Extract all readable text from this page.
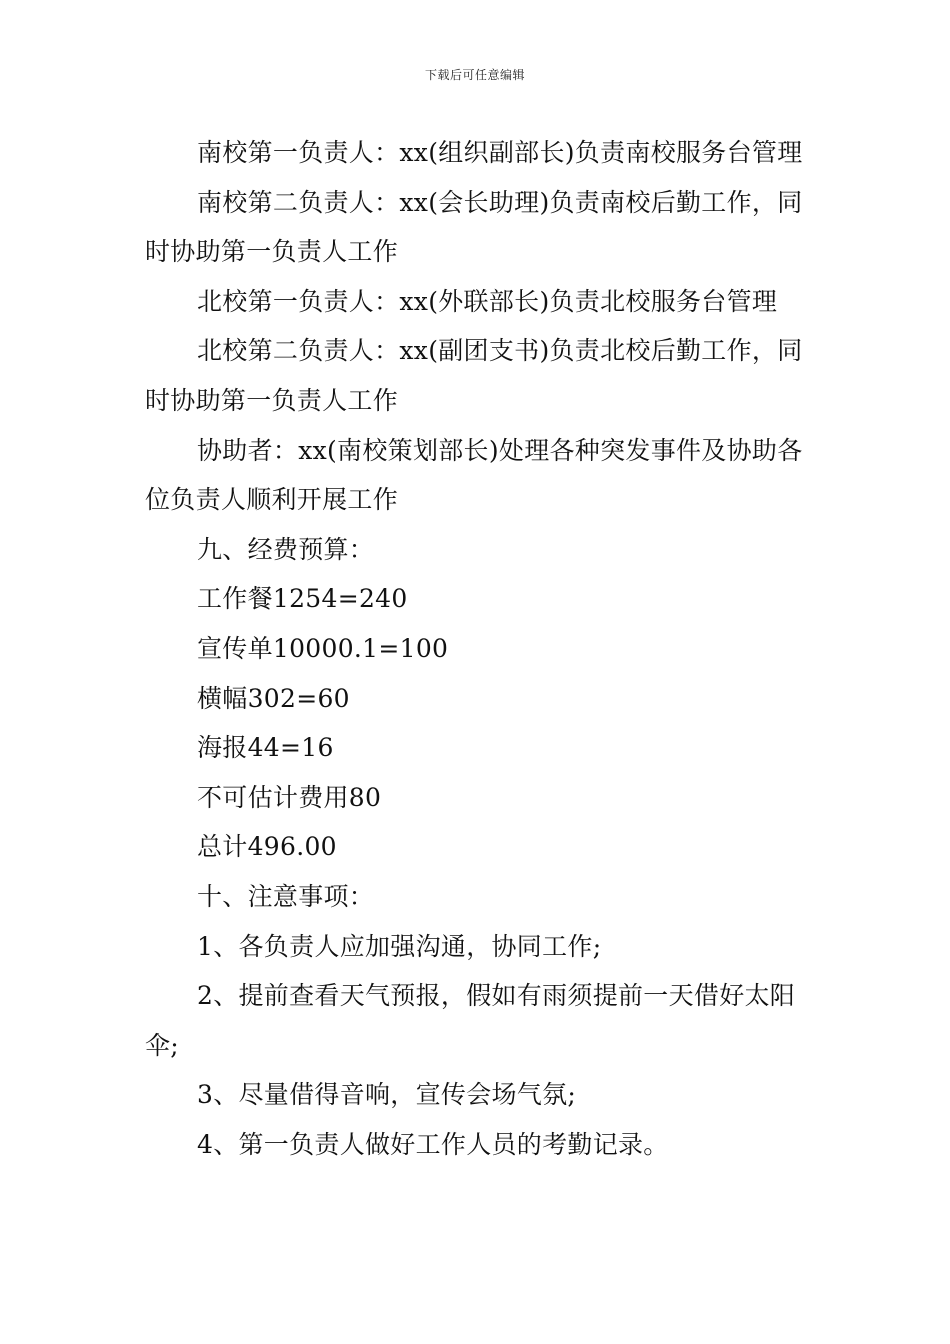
下载后可任意编辑

南校第一负责人：xx(组织副部长)负责南校服务台管理

南校第二负责人：xx(会长助理)负责南校后勤工作，同时协助第一负责人工作

北校第一负责人：xx(外联部长)负责北校服务台管理

北校第二负责人：xx(副团支书)负责北校后勤工作，同时协助第一负责人工作

协助者：xx(南校策划部长)处理各种突发事件及协助各位负责人顺利开展工作

九、经费预算：

工作餐1254=240

宣传单10000.1=100

横幅302=60

海报44=16

不可估计费用80

总计496.00

十、注意事项：

1、各负责人应加强沟通，协同工作;

2、提前查看天气预报，假如有雨须提前一天借好太阳伞;

3、尽量借得音响，宣传会场气氛;

4、第一负责人做好工作人员的考勤记录。
